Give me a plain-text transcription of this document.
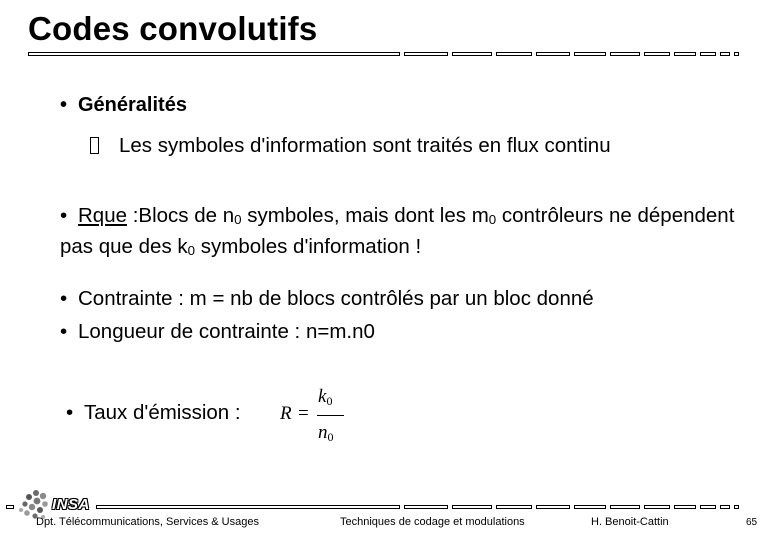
Codes convolutifs
• Généralités
Les symboles d'information sont traités en flux continu
• Rque :Blocs de n0 symboles, mais dont les m0 contrôleurs ne dépendent pas que des k0 symboles d'information !
• Contrainte : m = nb de blocs contrôlés par un bloc donné
• Longueur de contrainte : n=m.n0
• Taux d'émission : R =
k0
n0
INSA
Dpt. Télécommunications, Services & Usages	Techniques de codage et modulations	H. Benoit-Cattin	65
